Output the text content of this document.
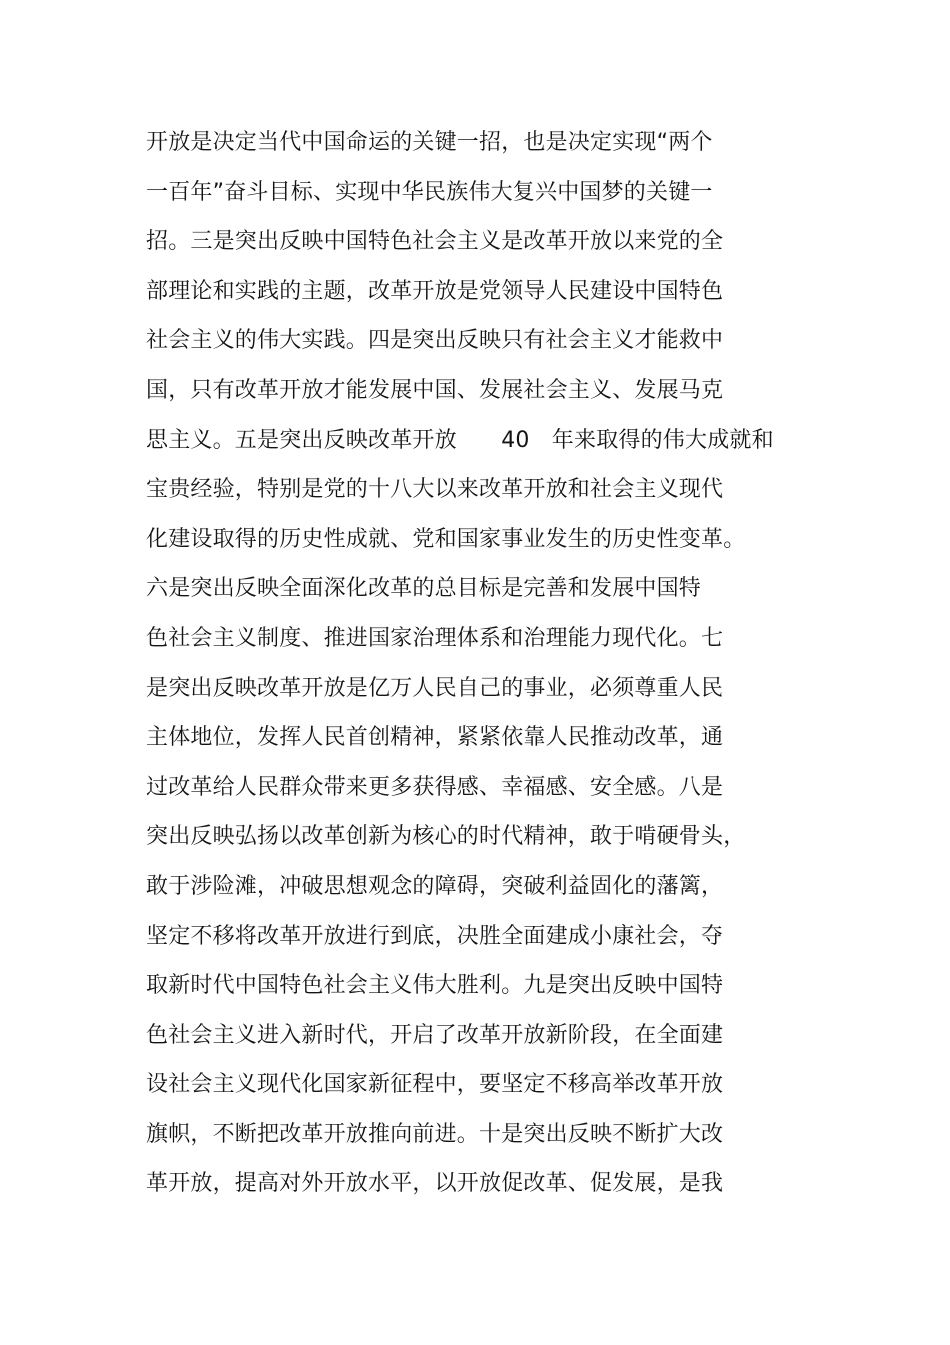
开放是决定当代中国命运的关键一招，也是决定实现“两个
一百年”奋斗目标、实现中华民族伟大复兴中国梦的关键一
招。三是突出反映中国特色社会主义是改革开放以来党的全
部理论和实践的主题，改革开放是党领导人民建设中国特色
社会主义的伟大实践。四是突出反映只有社会主义才能救中
国，只有改革开放才能发展中国、发展社会主义、发展马克
思主义。五是突出反映改革开放　　40　年来取得的伟大成就和
宝贵经验，特别是党的十八大以来改革开放和社会主义现代
化建设取得的历史性成就、党和国家事业发生的历史性变革。
六是突出反映全面深化改革的总目标是完善和发展中国特
色社会主义制度、推进国家治理体系和治理能力现代化。七
是突出反映改革开放是亿万人民自己的事业，必须尊重人民
主体地位，发挥人民首创精神，紧紧依靠人民推动改革，通
过改革给人民群众带来更多获得感、幸福感、安全感。八是
突出反映弘扬以改革创新为核心的时代精神，敢于啃硬骨头，
敢于涉险滩，冲破思想观念的障碍，突破利益固化的藩篱，
坚定不移将改革开放进行到底，决胜全面建成小康社会，夺
取新时代中国特色社会主义伟大胜利。九是突出反映中国特
色社会主义进入新时代，开启了改革开放新阶段，在全面建
设社会主义现代化国家新征程中，要坚定不移高举改革开放
旗帜，不断把改革开放推向前进。十是突出反映不断扩大改
革开放，提高对外开放水平，以开放促改革、促发展，是我
